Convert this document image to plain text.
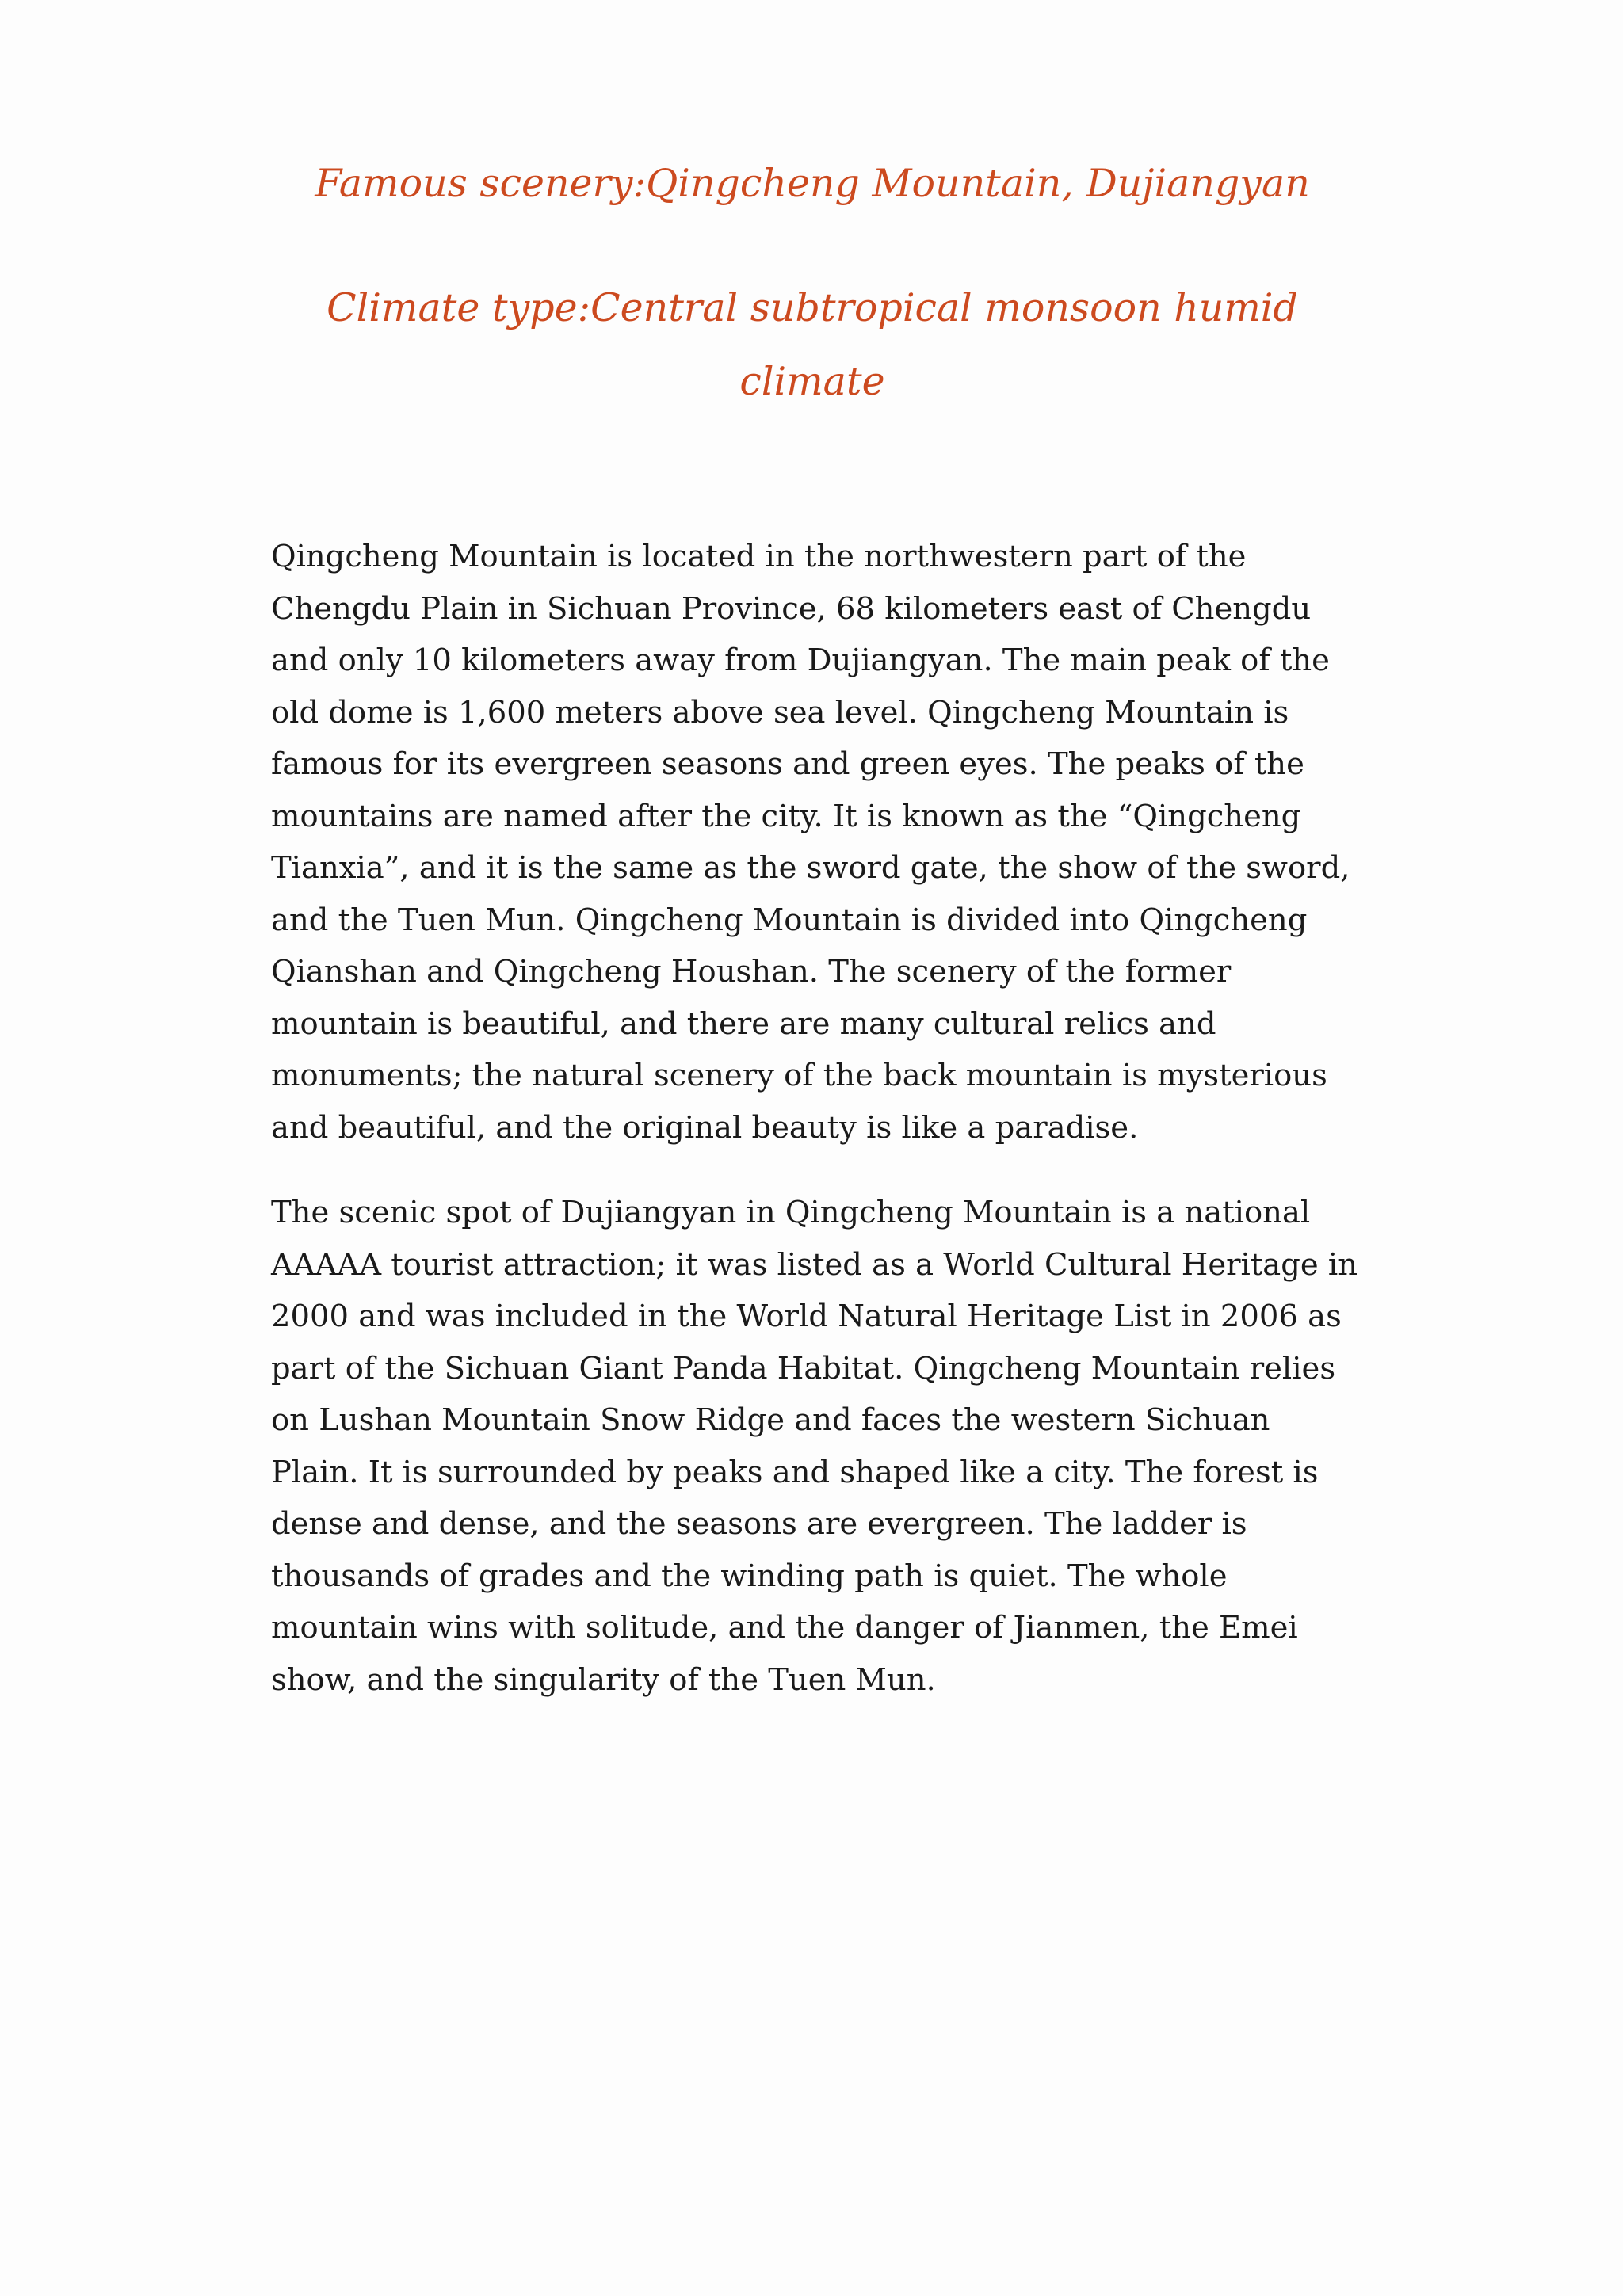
Famous scenery:Qingcheng Mountain, Dujiangyan
Climate type:Central subtropical monsoon humid climate

Qingcheng Mountain is located in the northwestern part of the Chengdu Plain in Sichuan Province, 68 kilometers east of Chengdu and only 10 kilometers away from Dujiangyan. The main peak of the old dome is 1,600 meters above sea level. Qingcheng Mountain is famous for its evergreen seasons and green eyes. The peaks of the mountains are named after the city. It is known as the “Qingcheng Tianxia”, and it is the same as the sword gate, the show of the sword, and the Tuen Mun. Qingcheng Mountain is divided into Qingcheng Qianshan and Qingcheng Houshan. The scenery of the former mountain is beautiful, and there are many cultural relics and monuments; the natural scenery of the back mountain is mysterious and beautiful, and the original beauty is like a paradise.

The scenic spot of Dujiangyan in Qingcheng Mountain is a national AAAAA tourist attraction; it was listed as a World Cultural Heritage in 2000 and was included in the World Natural Heritage List in 2006 as part of the Sichuan Giant Panda Habitat. Qingcheng Mountain relies on Lushan Mountain Snow Ridge and faces the western Sichuan Plain. It is surrounded by peaks and shaped like a city. The forest is dense and dense, and the seasons are evergreen. The ladder is thousands of grades and the winding path is quiet. The whole mountain wins with solitude, and the danger of Jianmen, the Emei show, and the singularity of the Tuen Mun.
